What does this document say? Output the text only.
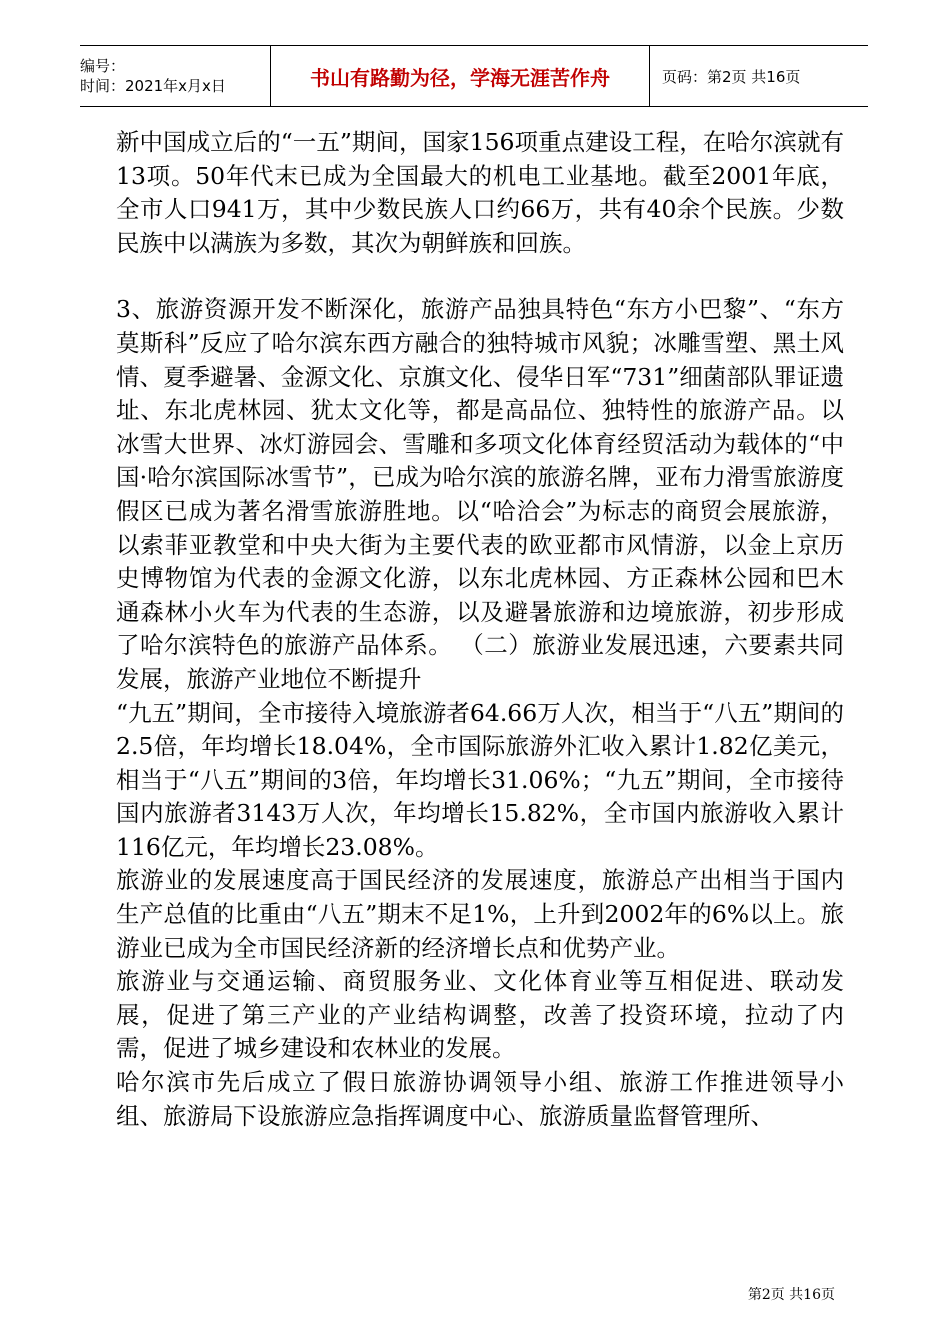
编号：
时间：2021年x月x日	书山有路勤为径，学海无涯苦作舟	页码：第2页 共16页

新中国成立后的“一五”期间，国家156项重点建设工程，在哈尔滨就有13项。50年代末已成为全国最大的机电工业基地。截至2001年底，全市人口941万，其中少数民族人口约66万，共有40余个民族。少数民族中以满族为多数，其次为朝鲜族和回族。

3、旅游资源开发不断深化，旅游产品独具特色“东方小巴黎”、“东方莫斯科”反应了哈尔滨东西方融合的独特城市风貌；冰雕雪塑、黑土风情、夏季避暑、金源文化、京旗文化、侵华日军“731”细菌部队罪证遗址、东北虎林园、犹太文化等，都是高品位、独特性的旅游产品。以冰雪大世界、冰灯游园会、雪雕和多项文化体育经贸活动为载体的“中国·哈尔滨国际冰雪节”，已成为哈尔滨的旅游名牌，亚布力滑雪旅游度假区已成为著名滑雪旅游胜地。以“哈洽会”为标志的商贸会展旅游，以索菲亚教堂和中央大街为主要代表的欧亚都市风情游，以金上京历史博物馆为代表的金源文化游，以东北虎林园、方正森林公园和巴木通森林小火车为代表的生态游，以及避暑旅游和边境旅游，初步形成了哈尔滨特色的旅游产品体系。 （二）旅游业发展迅速，六要素共同发展，旅游产业地位不断提升

“九五”期间，全市接待入境旅游者64.66万人次，相当于“八五”期间的2.5倍，年均增长18.04%，全市国际旅游外汇收入累计1.82亿美元，相当于“八五”期间的3倍，年均增长31.06%；“九五”期间，全市接待国内旅游者3143万人次，年均增长15.82%，全市国内旅游收入累计116亿元，年均增长23.08%。

旅游业的发展速度高于国民经济的发展速度，旅游总产出相当于国内生产总值的比重由“八五”期末不足1%，上升到2002年的6%以上。旅游业已成为全市国民经济新的经济增长点和优势产业。

旅游业与交通运输、商贸服务业、文化体育业等互相促进、联动发展，促进了第三产业的产业结构调整，改善了投资环境，拉动了内需，促进了城乡建设和农林业的发展。

哈尔滨市先后成立了假日旅游协调领导小组、旅游工作推进领导小组、旅游局下设旅游应急指挥调度中心、旅游质量监督管理所、

第2页 共16页
